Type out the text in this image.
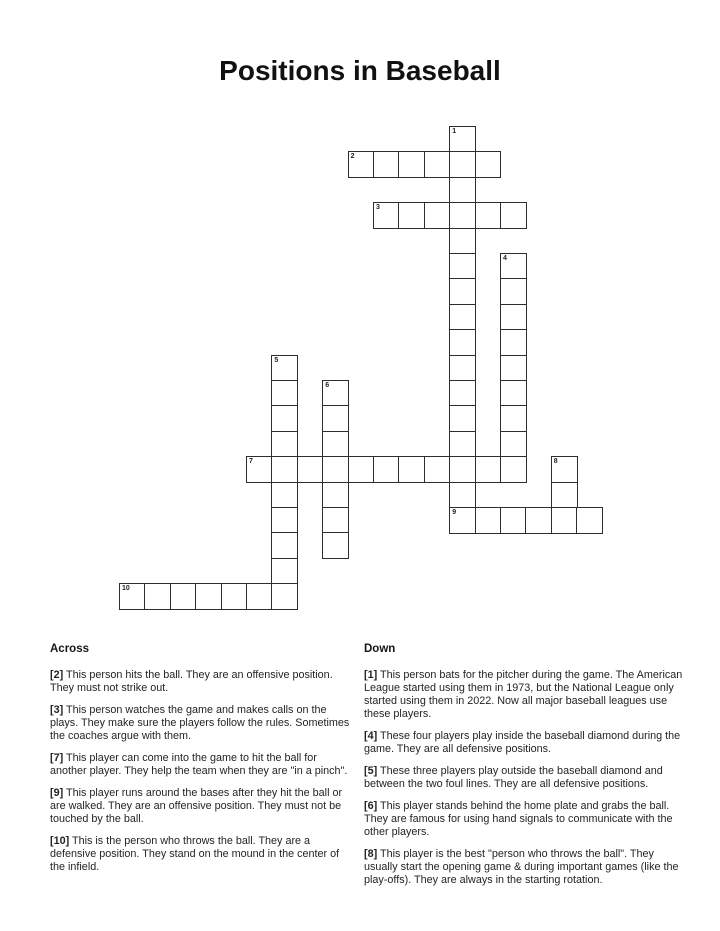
Positions in Baseball
1
2
3
4
5
6
7	8
9
10
Across

[2] This person hits the ball. They are an offensive position. They must not strike out.

[3] This person watches the game and makes calls on the plays. They make sure the players follow the rules. Sometimes the coaches argue with them.

[7] This player can come into the game to hit the ball for another player. They help the team when they are "in a pinch".

[9] This player runs around the bases after they hit the ball or are walked. They are an offensive position. They must not be touched by the ball.

[10] This is the person who throws the ball. They are a defensive position. They stand on the mound in the center of the infield.

Down

[1] This person bats for the pitcher during the game. The American League started using them in 1973, but the National League only started using them in 2022. Now all major baseball leagues use these players.

[4] These four players play inside the baseball diamond during the game. They are all defensive positions.

[5] These three players play outside the baseball diamond and between the two foul lines. They are all defensive positions.

[6] This player stands behind the home plate and grabs the ball. They are famous for using hand signals to communicate with the other players.

[8] This player is the best "person who throws the ball". They usually start the opening game & during important games (like the play-offs). They are always in the starting rotation.
